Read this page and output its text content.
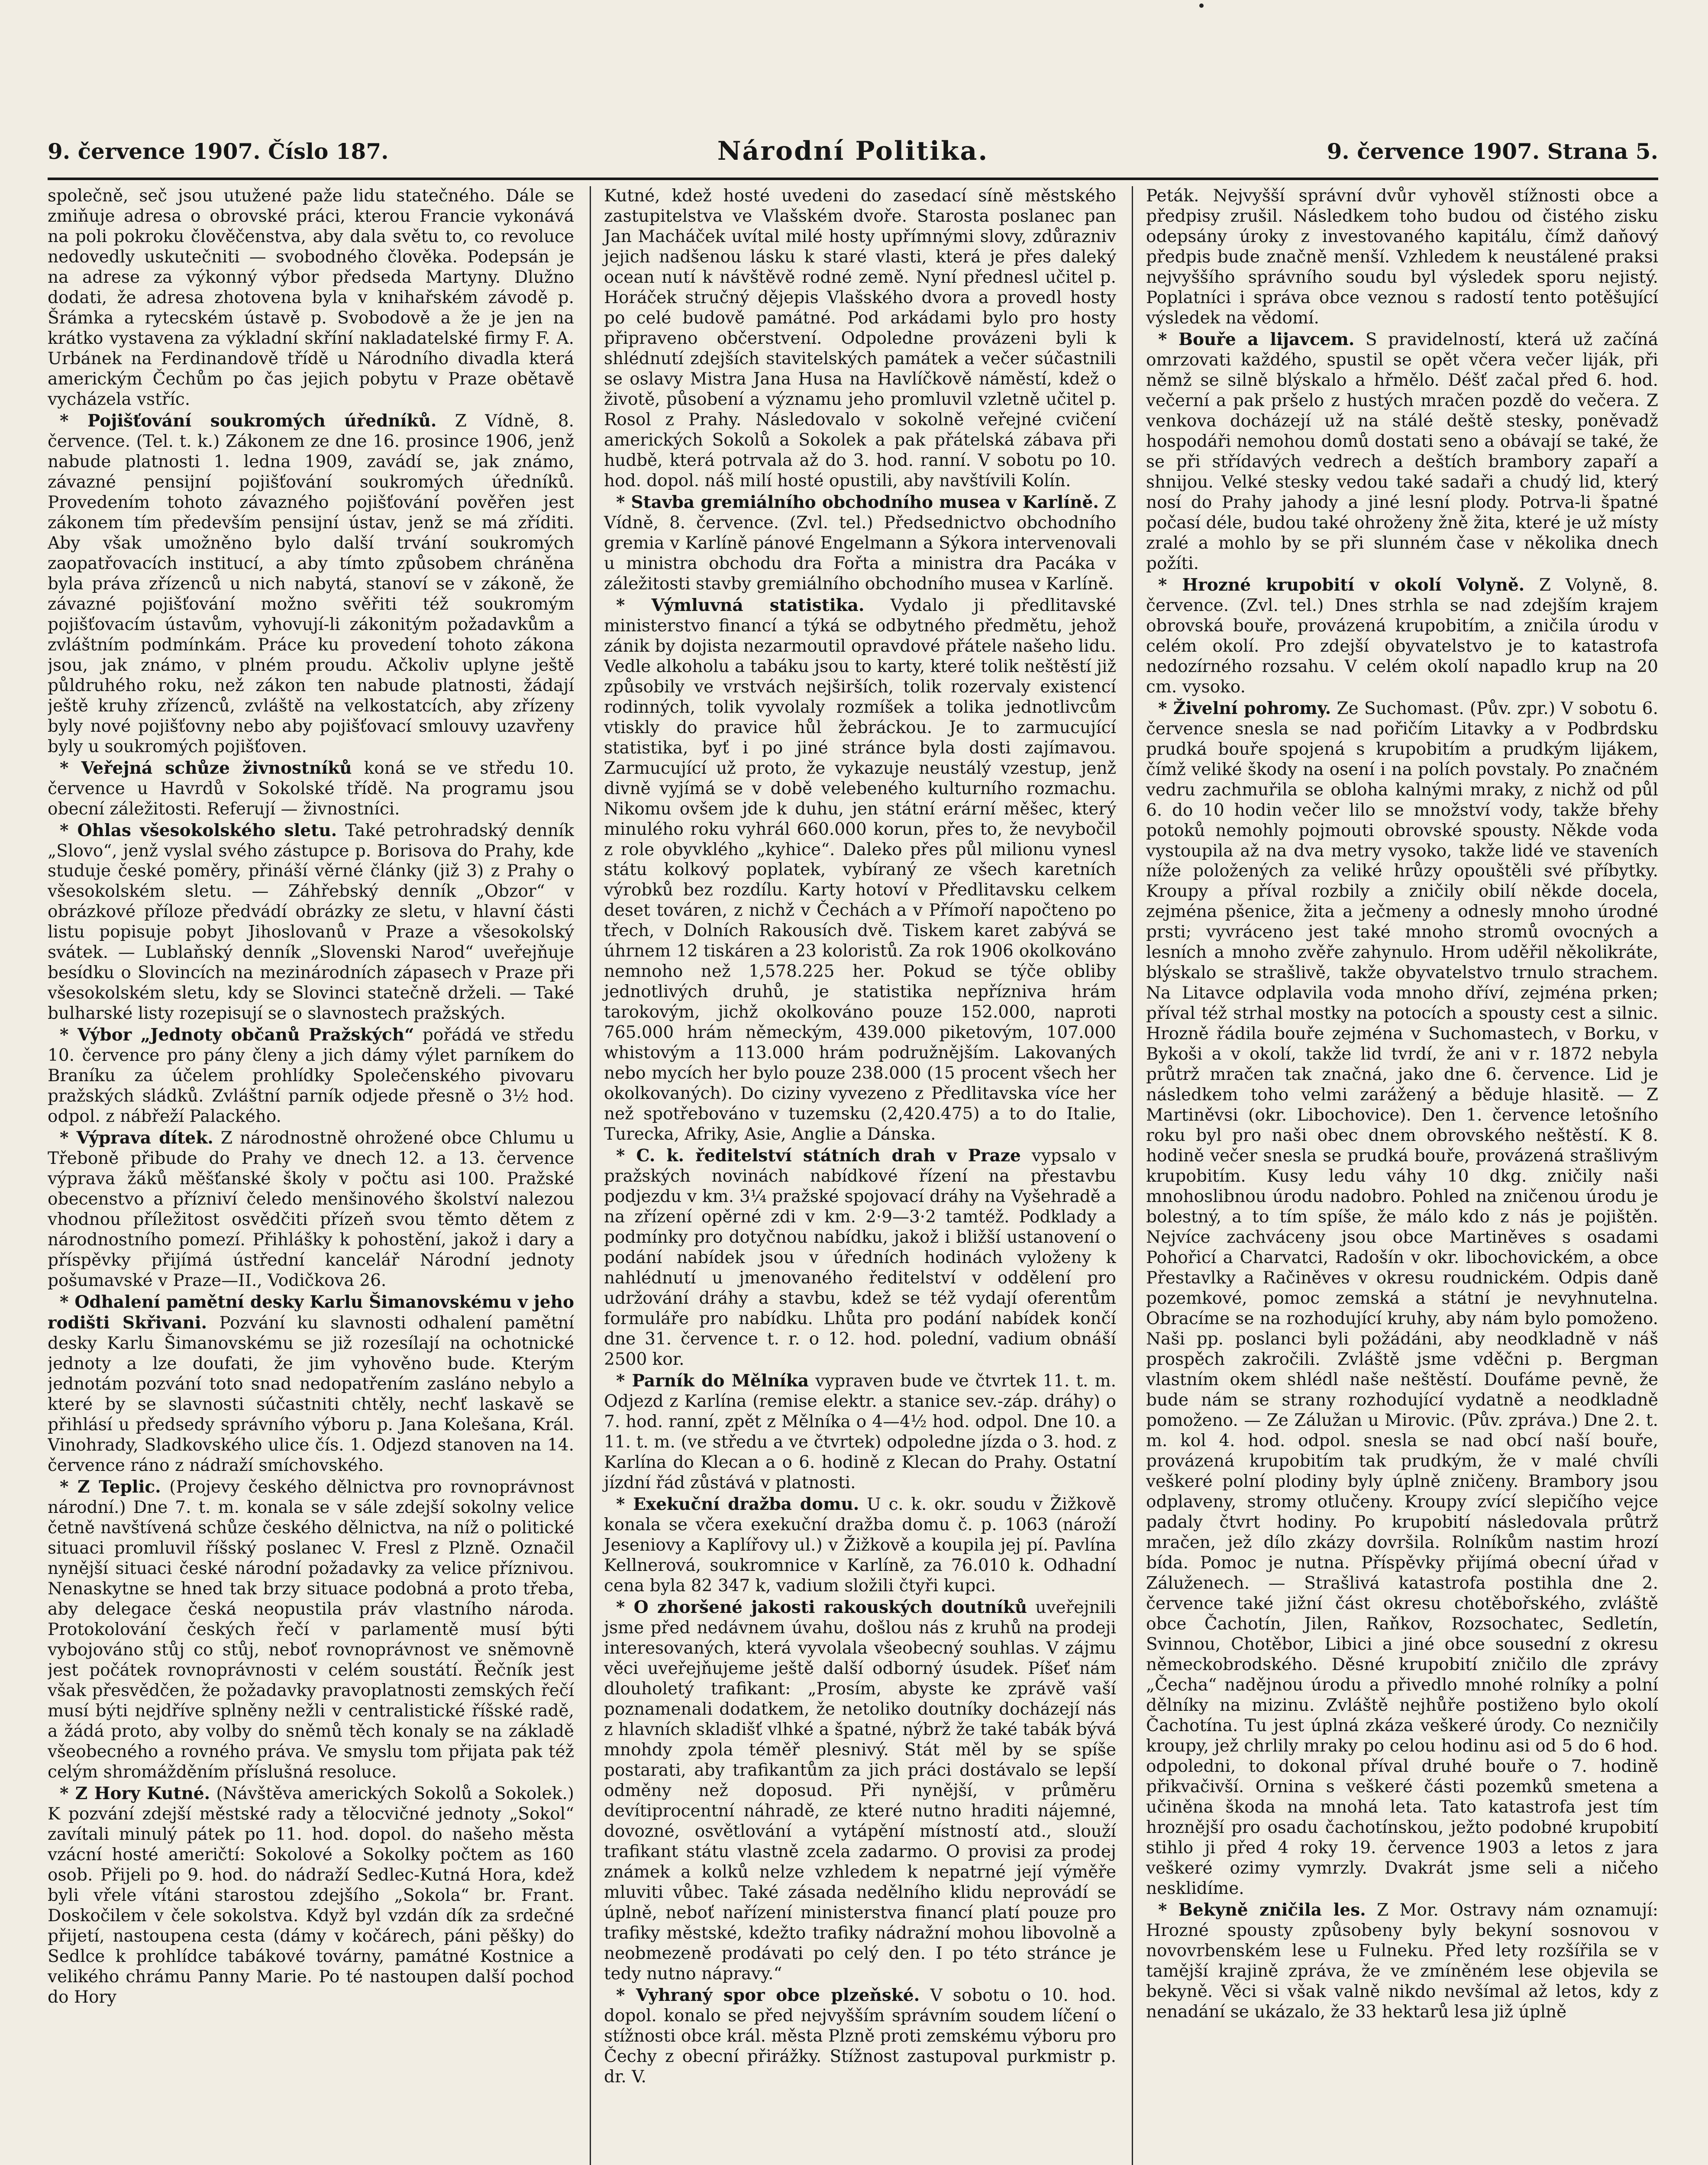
9. července 1907. Číslo 187.	Národní Politika.	9. července 1907. Strana 5.

společně, seč jsou utužené paže lidu statečného. Dále se zmiňuje adresa o obrovské práci, kterou Francie vykonává na poli pokroku člověčenstva, aby dala světu to, co revoluce nedovedly uskutečniti — svobodného člověka. Podepsán je na adrese za výkonný výbor předseda Martyny. Dlužno dodati, že adresa zhotovena byla v knihařském závodě p. Šrámka a rytecském ústavě p. Svobodově a že je jen na krátko vystavena za výkladní skříní nakladatelské firmy F. A. Urbánek na Ferdinandově třídě u Národního divadla která americkým Čechům po čas jejich pobytu v Praze obětavě vycházela vstříc.

* Pojišťování soukromých úředníků. Z Vídně, 8. července. (Tel. t. k.) Zákonem ze dne 16. prosince 1906, jenž nabude platnosti 1. ledna 1909, zavádí se, jak známo, závazné pensijní pojišťování soukromých úředníků. Provedením tohoto závazného pojišťování pověřen jest zákonem tím především pensijní ústav, jenž se má zříditi. Aby však umožněno bylo další trvání soukromých zaopatřovacích institucí, a aby tímto způsobem chráněna byla práva zřízenců u nich nabytá, stanoví se v zákoně, že závazné pojišťování možno svěřiti též soukromým pojišťovacím ústavům, vyhovují-li zákonitým požadavkům a zvláštním podmínkám. Práce ku provedení tohoto zákona jsou, jak známo, v plném proudu. Ačkoliv uplyne ještě půldruhého roku, než zákon ten nabude platnosti, žádají ještě kruhy zřízenců, zvláště na velkostatcích, aby zřízeny byly nové pojišťovny nebo aby pojišťovací smlouvy uzavřeny byly u soukromých pojišťoven.

* Veřejná schůze živnostníků koná se ve středu 10. července u Havrdů v Sokolské třídě. Na programu jsou obecní záležitosti. Referují — živnostníci.

* Ohlas všesokolského sletu. Také petrohradský denník „Slovo“, jenž vyslal svého zástupce p. Borisova do Prahy, kde studuje české poměry, přináší věrné články (již 3) z Prahy o všesokolském sletu. — Záhřebský denník „Obzor“ v obrázkové příloze předvádí obrázky ze sletu, v hlavní části listu popisuje pobyt Jihoslovanů v Praze a všesokolský svátek. — Lublaňský denník „Slovenski Narod“ uveřejňuje besídku o Slovincích na mezinárodních zápasech v Praze při všesokolském sletu, kdy se Slovinci statečně drželi. — Také bulharské listy rozepisují se o slavnostech pražských.

* Výbor „Jednoty občanů Pražských“ pořádá ve středu 10. července pro pány členy a jich dámy výlet parníkem do Braníku za účelem prohlídky Společenského pivovaru pražských sládků. Zvláštní parník odjede přesně o 3½ hod. odpol. z nábřeží Palackého.

* Výprava dítek. Z národnostně ohrožené obce Chlumu u Třeboně přibude do Prahy ve dnech 12. a 13. července výprava žáků měšťanské školy v počtu asi 100. Pražské obecenstvo a přízniví čeledo menšinového školství nalezou vhodnou příležitost osvědčiti přízeň svou těmto dětem z národnostního pomezí. Přihlášky k pohostění, jakož i dary a příspěvky přijímá ústřední kancelář Národní jednoty pošumavské v Praze—II., Vodičkova 26.

* Odhalení pamětní desky Karlu Šimanovskému v jeho rodišti Skřivani. Pozvání ku slavnosti odhalení pamětní desky Karlu Šimanovskému se již rozesílají na ochotnické jednoty a lze doufati, že jim vyhověno bude. Kterým jednotám pozvání toto snad nedopatřením zasláno nebylo a které by se slavnosti súčastniti chtěly, nechť laskavě se přihlásí u předsedy správního výboru p. Jana Kolešana, Král. Vinohrady, Sladkovského ulice čís. 1. Odjezd stanoven na 14. července ráno z nádraží smíchovského.

* Z Teplic. (Projevy českého dělnictva pro rovnoprávnost národní.) Dne 7. t. m. konala se v sále zdejší sokolny velice četně navštívená schůze českého dělnictva, na níž o politické situaci promluvil říšský poslanec V. Fresl z Plzně. Označil nynější situaci české národní požadavky za velice příznivou. Nenaskytne se hned tak brzy situace podobná a proto třeba, aby delegace česká neopustila práv vlastního národa. Protokolování českých řečí v parlamentě musí býti vybojováno stůj co stůj, neboť rovnoprávnost ve sněmovně jest počátek rovnoprávnosti v celém soustátí. Řečník jest však přesvědčen, že požadavky pravoplatnosti zemských řečí musí býti nejdříve splněny nežli v centralistické říšské radě, a žádá proto, aby volby do sněmů těch konaly se na základě všeobecného a rovného práva. Ve smyslu tom přijata pak též celým shromážděním příslušná resoluce.

* Z Hory Kutné. (Návštěva amerických Sokolů a Sokolek.) K pozvání zdejší městské rady a tělocvičné jednoty „Sokol“ zavítali minulý pátek po 11. hod. dopol. do našeho města vzácní hosté američtí: Sokolové a Sokolky počtem as 160 osob. Přijeli po 9. hod. do nádraží Sedlec-Kutná Hora, kdež byli vřele vítáni starostou zdejšího „Sokola“ br. Frant. Doskočilem v čele sokolstva. Když byl vzdán dík za srdečné přijetí, nastoupena cesta (dámy v kočárech, páni pěšky) do Sedlce k prohlídce tabákové továrny, památné Kostnice a velikého chrámu Panny Marie. Po té nastoupen další pochod do Hory

Kutné, kdež hosté uvedeni do zasedací síně městského zastupitelstva ve Vlašském dvoře. Starosta poslanec pan Jan Macháček uvítal milé hosty upřímnými slovy, zdůrazniv jejich nadšenou lásku k staré vlasti, která je přes daleký ocean nutí k návštěvě rodné země. Nyní přednesl učitel p. Horáček stručný dějepis Vlašského dvora a provedl hosty po celé budově památné. Pod arkádami bylo pro hosty připraveno občerstvení. Odpoledne provázeni byli k shlédnutí zdejších stavitelských památek a večer súčastnili se oslavy Mistra Jana Husa na Havlíčkově náměstí, kdež o životě, působení a významu jeho promluvil vzletně učitel p. Rosol z Prahy. Následovalo v sokolně veřejné cvičení amerických Sokolů a Sokolek a pak přátelská zábava při hudbě, která potrvala až do 3. hod. ranní. V sobotu po 10. hod. dopol. náš milí hosté opustili, aby navštívili Kolín.

* Stavba gremiálního obchodního musea v Karlíně. Z Vídně, 8. července. (Zvl. tel.) Předsednictvo obchodního gremia v Karlíně pánové Engelmann a Sýkora intervenovali u ministra obchodu dra Fořta a ministra dra Pacáka v záležitosti stavby gremiálního obchodního musea v Karlíně.

* Výmluvná statistika. Vydalo ji předlitavské ministerstvo financí a týká se odbytného předmětu, jehož zánik by dojista nezarmoutil opravdové přátele našeho lidu. Vedle alkoholu a tabáku jsou to karty, které tolik neštěstí již způsobily ve vrstvách nejširších, tolik rozervaly existencí rodinných, tolik vyvolaly rozmíšek a tolika jednotlivcům vtiskly do pravice hůl žebráckou. Je to zarmucující statistika, byť i po jiné stránce byla dosti zajímavou. Zarmucující už proto, že vykazuje neustálý vzestup, jenž divně vyjímá se v době velebeného kulturního rozmachu. Nikomu ovšem jde k duhu, jen státní erární měšec, který minulého roku vyhrál 660.000 korun, přes to, že nevybočil z role obyvklého „kyhice“. Daleko přes půl milionu vynesl státu kolkový poplatek, vybíraný ze všech karetních výrobků bez rozdílu. Karty hotoví v Předlitavsku celkem deset továren, z nichž v Čechách a v Přímoří napočteno po třech, v Dolních Rakousích dvě. Tiskem karet zabývá se úhrnem 12 tiskáren a 23 koloristů. Za rok 1906 okolkováno nemnoho než 1,578.225 her. Pokud se týče obliby jednotlivých druhů, je statistika nepřízniva hrám tarokovým, jichž okolkováno pouze 152.000, naproti 765.000 hrám německým, 439.000 piketovým, 107.000 whistovým a 113.000 hrám podružnějším. Lakovaných nebo mycích her bylo pouze 238.000 (15 procent všech her okolkovaných). Do ciziny vyvezeno z Předlitavska více her než spotřebováno v tuzemsku (2,420.475) a to do Italie, Turecka, Afriky, Asie, Anglie a Dánska.

* C. k. ředitelství státních drah v Praze vypsalo v pražských novinách nabídkové řízení na přestavbu podjezdu v km. 3¼ pražské spojovací dráhy na Vyšehradě a na zřízení opěrné zdi v km. 2·9—3·2 tamtéž. Podklady a podmínky pro dotyčnou nabídku, jakož i bližší ustanovení o podání nabídek jsou v úředních hodinách vyloženy k nahlédnutí u jmenovaného ředitelství v oddělení pro udržování dráhy a stavbu, kdež se též vydají oferentům formuláře pro nabídku. Lhůta pro podání nabídek končí dne 31. července t. r. o 12. hod. polední, vadium obnáší 2500 kor.

* Parník do Mělníka vypraven bude ve čtvrtek 11. t. m. Odjezd z Karlína (remise elektr. a stanice sev.-záp. dráhy) o 7. hod. ranní, zpět z Mělníka o 4—4½ hod. odpol. Dne 10. a 11. t. m. (ve středu a ve čtvrtek) odpoledne jízda o 3. hod. z Karlína do Klecan a o 6. hodině z Klecan do Prahy. Ostatní jízdní řád zůstává v platnosti.

* Exekuční dražba domu. U c. k. okr. soudu v Žižkově konala se včera exekuční dražba domu č. p. 1063 (nároží Jeseniovy a Kaplířovy ul.) v Žižkově a koupila jej pí. Pavlína Kellnerová, soukromnice v Karlíně, za 76.010 k. Odhadní cena byla 82 347 k, vadium složili čtyři kupci.

* O zhoršené jakosti rakouských doutníků uveřejnili jsme před nedávnem úvahu, došlou nás z kruhů na prodeji interesovaných, která vyvolala všeobecný souhlas. V zájmu věci uveřejňujeme ještě další odborný úsudek. Píšeť nám dlouholetý trafikant: „Prosím, abyste ke zprávě vaší poznamenali dodatkem, že netoliko doutníky docházejí nás z hlavních skladišť vlhké a špatné, nýbrž že také tabák bývá mnohdy zpola téměř plesnivý. Stát měl by se spíše postarati, aby trafikantům za jich práci dostávalo se lepší odměny než doposud. Při nynější, v průměru devítiprocentní náhradě, ze které nutno hraditi nájemné, dovozné, osvětlování a vytápění místností atd., slouží trafikant státu vlastně zcela zadarmo. O provisi za prodej známek a kolků nelze vzhledem k nepatrné její výměře mluviti vůbec. Také zásada nedělního klidu neprovádí se úplně, neboť nařízení ministerstva financí platí pouze pro trafiky městské, kdežto trafiky nádražní mohou libovolně a neobmezeně prodávati po celý den. I po této stránce je tedy nutno nápravy.“

* Vyhraný spor obce plzeňské. V sobotu o 10. hod. dopol. konalo se před nejvyšším správním soudem líčení o stížnosti obce král. města Plzně proti zemskému výboru pro Čechy z obecní přirážky. Stížnost zastupoval purkmistr p. dr. V.

Peták. Nejvyšší správní dvůr vyhověl stížnosti obce a předpisy zrušil. Následkem toho budou od čistého zisku odepsány úroky z investovaného kapitálu, čímž daňový předpis bude značně menší. Vzhledem k neustálené praksi nejvyššího správního soudu byl výsledek sporu nejistý. Poplatníci i správa obce veznou s radostí tento potěšující výsledek na vědomí.

* Bouře a lijavcem. S pravidelností, která už začíná omrzovati každého, spustil se opět včera večer liják, při němž se silně blýskalo a hřmělo. Déšť začal před 6. hod. večerní a pak pršelo z hustých mračen pozdě do večera. Z venkova docházejí už na stálé deště stesky, poněvadž hospodáři nemohou domů dostati seno a obávají se také, že se při střídavých vedrech a deštích brambory zapaří a shnijou. Velké stesky vedou také sadaři a chudý lid, který nosí do Prahy jahody a jiné lesní plody. Potrva-li špatné počasí déle, budou také ohroženy žně žita, které je už místy zralé a mohlo by se při slunném čase v několika dnech požíti.

* Hrozné krupobití v okolí Volyně. Z Volyně, 8. července. (Zvl. tel.) Dnes strhla se nad zdejším krajem obrovská bouře, provázená krupobitím, a zničila úrodu v celém okolí. Pro zdejší obyvatelstvo je to katastrofa nedozírného rozsahu. V celém okolí napadlo krup na 20 cm. vysoko.

* Živelní pohromy. Ze Suchomast. (Pův. zpr.) V sobotu 6. července snesla se nad pořičím Litavky a v Podbrdsku prudká bouře spojená s krupobitím a prudkým lijákem, čímž veliké škody na osení i na polích povstaly. Po značném vedru zachmuřila se obloha kalnými mraky, z nichž od půl 6. do 10 hodin večer lilo se množství vody, takže břehy potoků nemohly pojmouti obrovské spousty. Někde voda vystoupila až na dva metry vysoko, takže lidé ve staveních níže položených za veliké hrůzy opouštěli své příbytky. Kroupy a příval rozbily a zničily obilí někde docela, zejména pšenice, žita a ječmeny a odnesly mnoho úrodné prsti; vyvráceno jest také mnoho stromů ovocných a lesních a mnoho zvěře zahynulo. Hrom uděřil několikráte, blýskalo se strašlivě, takže obyvatelstvo trnulo strachem. Na Litavce odplavila voda mnoho dříví, zejména prken; příval též strhal mostky na potocích a spousty cest a silnic. Hrozně řádila bouře zejména v Suchomastech, v Borku, v Bykoši a v okolí, takže lid tvrdí, že ani v r. 1872 nebyla průtrž mračen tak značná, jako dne 6. července. Lid je následkem toho velmi zarážený a běduje hlasitě. — Z Martiněvsi (okr. Libochovice). Den 1. července letošního roku byl pro naši obec dnem obrovského neštěstí. K 8. hodině večer snesla se prudká bouře, provázená strašlivým krupobitím. Kusy ledu váhy 10 dkg. zničily naši mnohoslibnou úrodu nadobro. Pohled na zničenou úrodu je bolestný, a to tím spíše, že málo kdo z nás je pojištěn. Nejvíce zachváceny jsou obce Martiněves s osadami Pohořicí a Charvatci, Radošín v okr. libochovickém, a obce Přestavlky a Račiněves v okresu roudnickém. Odpis daně pozemkové, pomoc zemská a státní je nevyhnutelna. Obracíme se na rozhodující kruhy, aby nám bylo pomoženo. Naši pp. poslanci byli požádáni, aby neodkladně v náš prospěch zakročili. Zvláště jsme vděčni p. Bergman vlastním okem shlédl naše neštěstí. Doufáme pevně, že bude nám se strany rozhodující vydatně a neodkladně pomoženo. — Ze Zálužan u Mirovic. (Pův. zpráva.) Dne 2. t. m. kol 4. hod. odpol. snesla se nad obcí naší bouře, provázená krupobitím tak prudkým, že v malé chvíli veškeré polní plodiny byly úplně zničeny. Brambory jsou odplaveny, stromy otlučeny. Kroupy zvící slepičího vejce padaly čtvrt hodiny. Po krupobití následovala průtrž mračen, jež dílo zkázy dovršila. Rolníkům nastim hrozí bída. Pomoc je nutna. Příspěvky přijímá obecní úřad v Záluženech. — Strašlivá katastrofa postihla dne 2. července také jižní část okresu chotěbořského, zvláště obce Čachotín, Jilen, Raňkov, Rozsochatec, Sedletín, Svinnou, Chotěbor, Libici a jiné obce sousední z okresu německobrodského. Děsné krupobití zničilo dle zprávy „Čecha“ nadějnou úrodu a přivedlo mnohé rolníky a polní dělníky na mizinu. Zvláště nejhůře postiženo bylo okolí Čachotína. Tu jest úplná zkáza veškeré úrody. Co nezničily kroupy, jež chrlily mraky po celou hodinu asi od 5 do 6 hod. odpoledni, to dokonal příval druhé bouře o 7. hodině přikvačivší. Ornina s veškeré části pozemků smetena a učiněna škoda na mnohá leta. Tato katastrofa jest tím hroznější pro osadu čachotínskou, ježto podobné krupobití stihlo ji před 4 roky 19. července 1903 a letos z jara veškeré ozimy vymrzly. Dvakrát jsme seli a ničeho nesklidíme.

* Bekyně zničila les. Z Mor. Ostravy nám oznamují: Hrozné spousty způsobeny byly bekyní sosnovou v novovrbenském lese u Fulneku. Před lety rozšířila se v tamější krajině zpráva, že ve zmíněném lese objevila se bekyně. Věci si však valně nikdo nevšímal až letos, kdy z nenadání se ukázalo, že 33 hektarů lesa již úplně
